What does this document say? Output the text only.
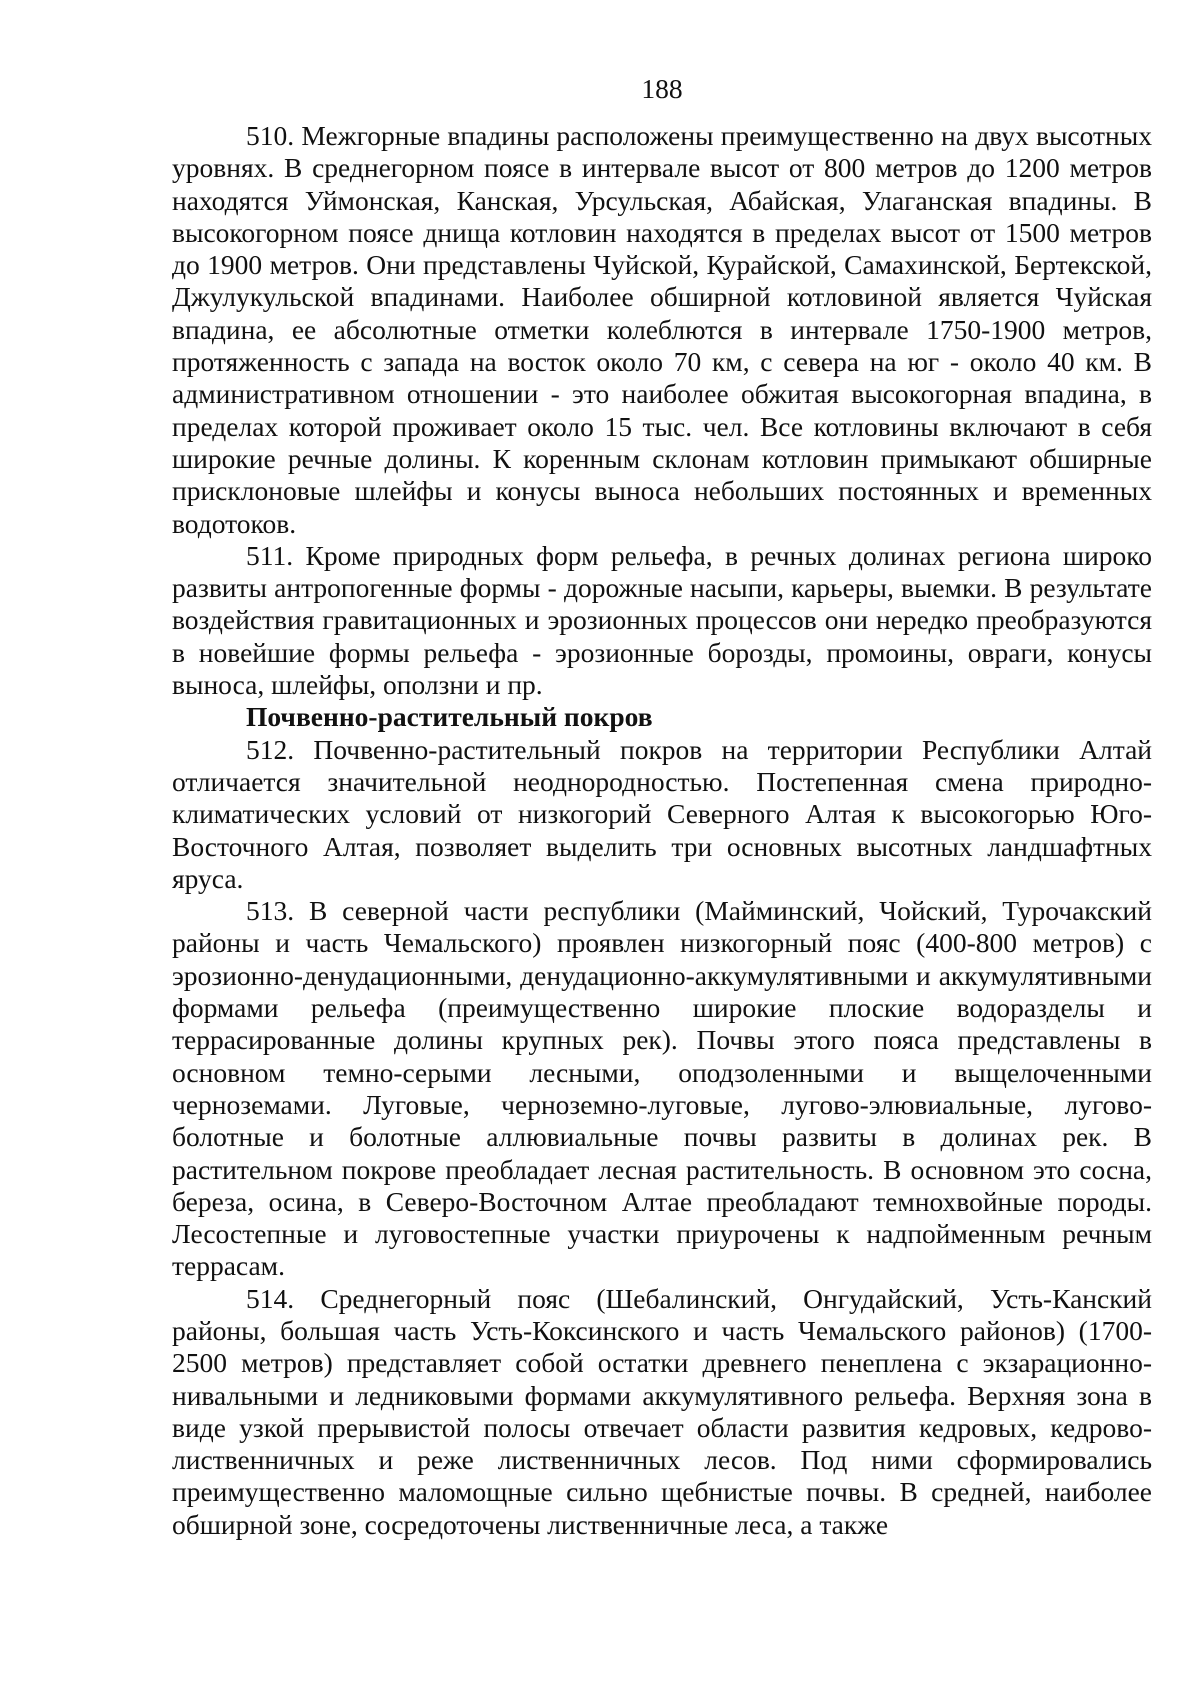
188

510. Межгорные впадины расположены преимущественно на двух высотных уровнях. В среднегорном поясе в интервале высот от 800 метров до 1200 метров находятся Уймонская, Канская, Урсульская, Абайская, Улаганская впадины. В высокогорном поясе днища котловин находятся в пределах высот от 1500 метров до 1900 метров. Они представлены Чуйской, Курайской, Самахинской, Бертекской, Джулукульской впадинами. Наиболее обширной котловиной является Чуйская впадина, ее абсолютные отметки колеблются в интервале 1750-1900 метров, протяженность с запада на восток около 70 км, с севера на юг - около 40 км. В административном отношении - это наиболее обжитая высокогорная впадина, в пределах которой проживает около 15 тыс. чел. Все котловины включают в себя широкие речные долины. К коренным склонам котловин примыкают обширные присклоновые шлейфы и конусы выноса небольших постоянных и временных водотоков.

511. Кроме природных форм рельефа, в речных долинах региона широко развиты антропогенные формы - дорожные насыпи, карьеры, выемки. В результате воздействия гравитационных и эрозионных процессов они нередко преобразуются в новейшие формы рельефа - эрозионные борозды, промоины, овраги, конусы выноса, шлейфы, оползни и пр.

Почвенно-растительный покров

512. Почвенно-растительный покров на территории Республики Алтай отличается значительной неоднородностью. Постепенная смена природно-климатических условий от низкогорий Северного Алтая к высокогорью Юго-Восточного Алтая, позволяет выделить три основных высотных ландшафтных яруса.

513. В северной части республики (Майминский, Чойский, Турочакский районы и часть Чемальского) проявлен низкогорный пояс (400-800 метров) с эрозионно-денудационными, денудационно-аккумулятивными и аккумулятивными формами рельефа (преимущественно широкие плоские водоразделы и террасированные долины крупных рек). Почвы этого пояса представлены в основном темно-серыми лесными, оподзоленными и выщелоченными черноземами. Луговые, черноземно-луговые, лугово-элювиальные, лугово-болотные и болотные аллювиальные почвы развиты в долинах рек. В растительном покрове преобладает лесная растительность. В основном это сосна, береза, осина, в Северо-Восточном Алтае преобладают темнохвойные породы. Лесостепные и луговостепные участки приурочены к надпойменным речным террасам.

514. Среднегорный пояс (Шебалинский, Онгудайский, Усть-Канский районы, большая часть Усть-Коксинского и часть Чемальского районов) (1700-2500 метров) представляет собой остатки древнего пенеплена с экзарационно-нивальными и ледниковыми формами аккумулятивного рельефа. Верхняя зона в виде узкой прерывистой полосы отвечает области развития кедровых, кедрово-лиственничных и реже лиственничных лесов. Под ними сформировались преимущественно маломощные сильно щебнистые почвы. В средней, наиболее обширной зоне, сосредоточены лиственничные леса, а также
